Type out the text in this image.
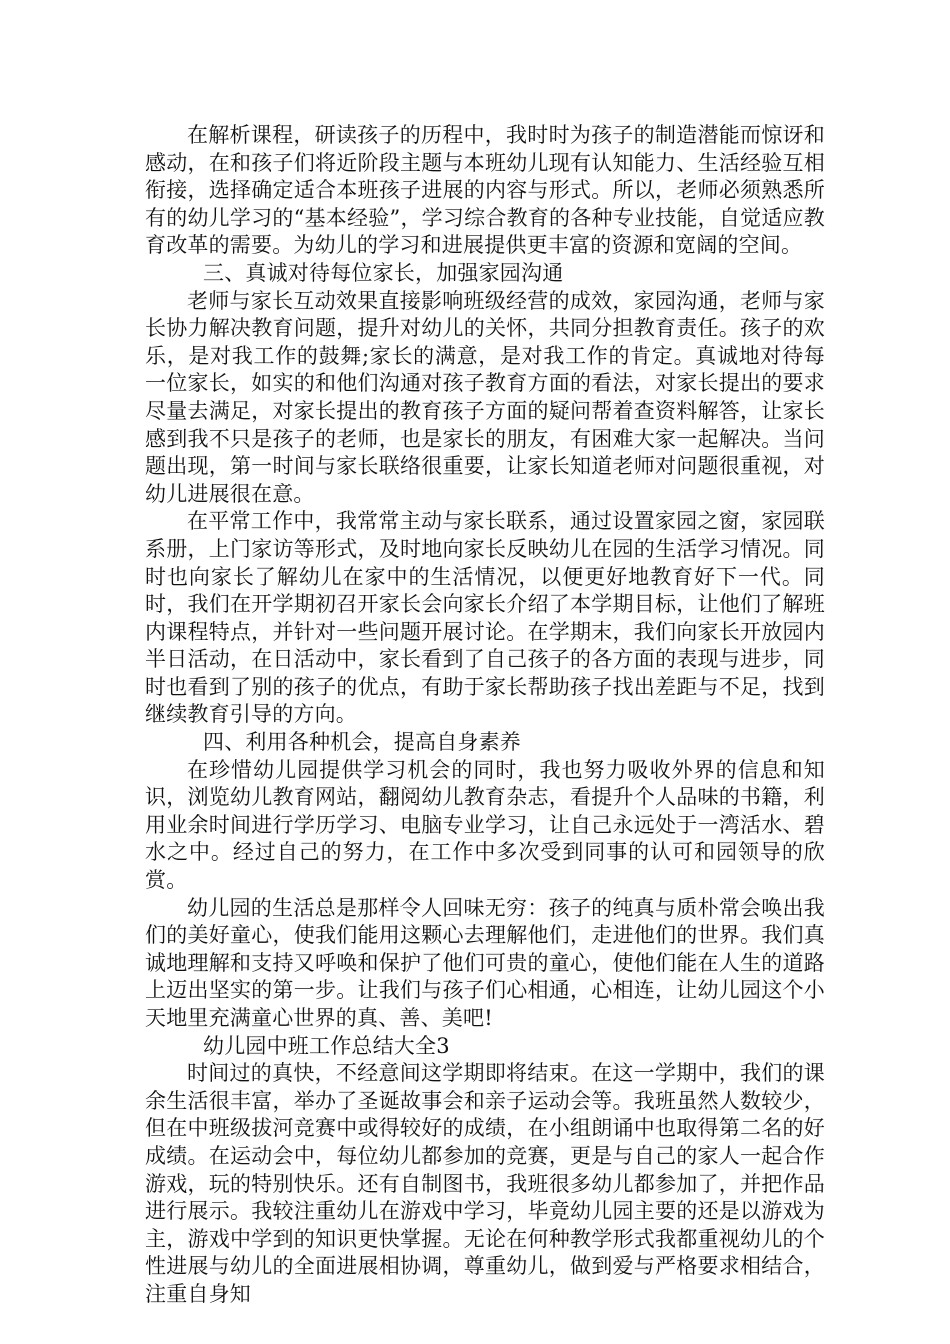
在解析课程，研读孩子的历程中，我时时为孩子的制造潜能而惊讶和感动，在和孩子们将近阶段主题与本班幼儿现有认知能力、生活经验互相衔接，选择确定适合本班孩子进展的内容与形式。所以，老师必须熟悉所有的幼儿学习的“基本经验”，学习综合教育的各种专业技能，自觉适应教育改革的需要。为幼儿的学习和进展提供更丰富的资源和宽阔的空间。

三、真诚对待每位家长，加强家园沟通

老师与家长互动效果直接影响班级经营的成效，家园沟通，老师与家长协力解决教育问题，提升对幼儿的关怀，共同分担教育责任。孩子的欢乐，是对我工作的鼓舞;家长的满意，是对我工作的肯定。真诚地对待每一位家长，如实的和他们沟通对孩子教育方面的看法，对家长提出的要求尽量去满足，对家长提出的教育孩子方面的疑问帮着查资料解答，让家长感到我不只是孩子的老师，也是家长的朋友，有困难大家一起解决。当问题出现，第一时间与家长联络很重要，让家长知道老师对问题很重视，对幼儿进展很在意。

在平常工作中，我常常主动与家长联系，通过设置家园之窗，家园联系册，上门家访等形式，及时地向家长反映幼儿在园的生活学习情况。同时也向家长了解幼儿在家中的生活情况，以便更好地教育好下一代。同时，我们在开学期初召开家长会向家长介绍了本学期目标，让他们了解班内课程特点，并针对一些问题开展讨论。在学期末，我们向家长开放园内半日活动，在日活动中，家长看到了自己孩子的各方面的表现与进步，同时也看到了别的孩子的优点，有助于家长帮助孩子找出差距与不足，找到继续教育引导的方向。

四、利用各种机会，提高自身素养

在珍惜幼儿园提供学习机会的同时，我也努力吸收外界的信息和知识，浏览幼儿教育网站，翻阅幼儿教育杂志，看提升个人品味的书籍，利用业余时间进行学历学习、电脑专业学习，让自己永远处于一湾活水、碧水之中。经过自己的努力，在工作中多次受到同事的认可和园领导的欣赏。

幼儿园的生活总是那样令人回味无穷：孩子的纯真与质朴常会唤出我们的美好童心，使我们能用这颗心去理解他们，走进他们的世界。我们真诚地理解和支持又呼唤和保护了他们可贵的童心，使他们能在人生的道路上迈出坚实的第一步。让我们与孩子们心相通，心相连，让幼儿园这个小天地里充满童心世界的真、善、美吧!

幼儿园中班工作总结大全3

时间过的真快，不经意间这学期即将结束。在这一学期中，我们的课余生活很丰富，举办了圣诞故事会和亲子运动会等。我班虽然人数较少，但在中班级拔河竞赛中或得较好的成绩，在小组朗诵中也取得第二名的好成绩。在运动会中，每位幼儿都参加的竞赛，更是与自己的家人一起合作游戏，玩的特别快乐。还有自制图书，我班很多幼儿都参加了，并把作品进行展示。我较注重幼儿在游戏中学习，毕竟幼儿园主要的还是以游戏为主，游戏中学到的知识更快掌握。无论在何种教学形式我都重视幼儿的个性进展与幼儿的全面进展相协调，尊重幼儿，做到爱与严格要求相结合，注重自身知
